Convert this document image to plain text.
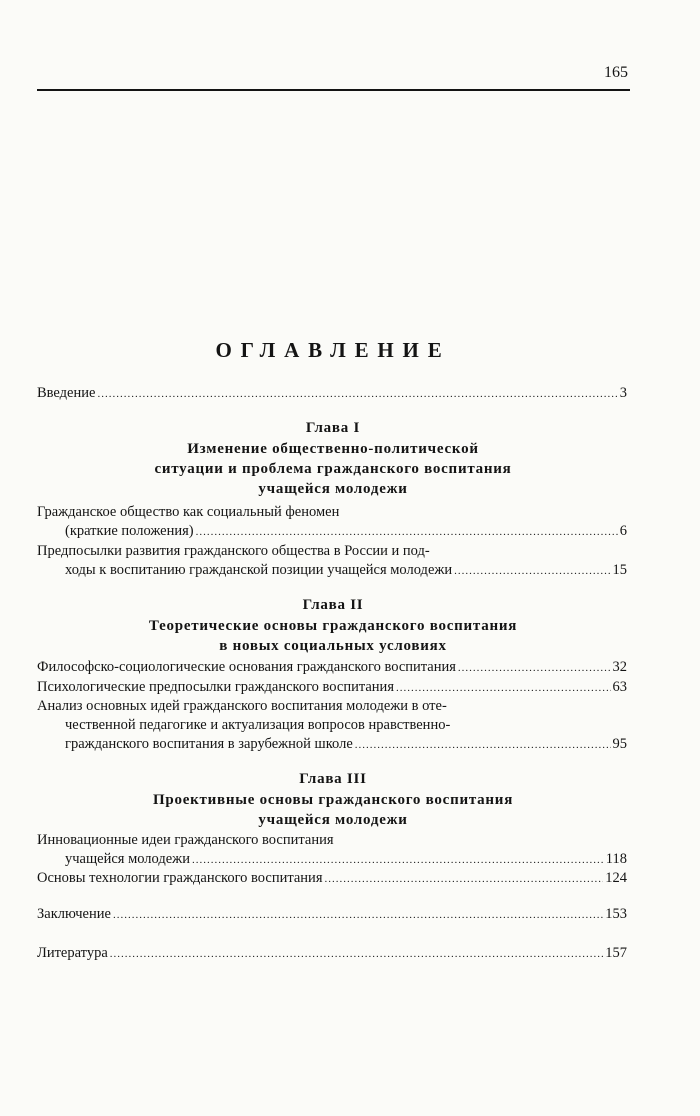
165
ОГЛАВЛЕНИЕ
Введение .....	3
Глава I
Изменение общественно-политической
ситуации и проблема гражданского воспитания
учащейся молодежи
Гражданское общество как социальный феномен
(краткие положения) .....	6
Предпосылки развития гражданского общества в России и под-
ходы к воспитанию гражданской позиции учащейся молодежи .....	15
Глава II
Теоретические основы гражданского воспитания
в новых социальных условиях
Философско-социологические основания гражданского воспитания .....	32
Психологические предпосылки гражданского воспитания .....	63
Анализ основных идей гражданского воспитания молодежи в оте-
чественной педагогике и актуализация вопросов нравственно-
гражданского воспитания в зарубежной школе .....	95
Глава III
Проективные основы гражданского воспитания
учащейся молодежи
Инновационные идеи гражданского воспитания
учащейся молодежи .....	118
Основы технологии гражданского воспитания .....	124
Заключение .....	153
Литература .....	157
